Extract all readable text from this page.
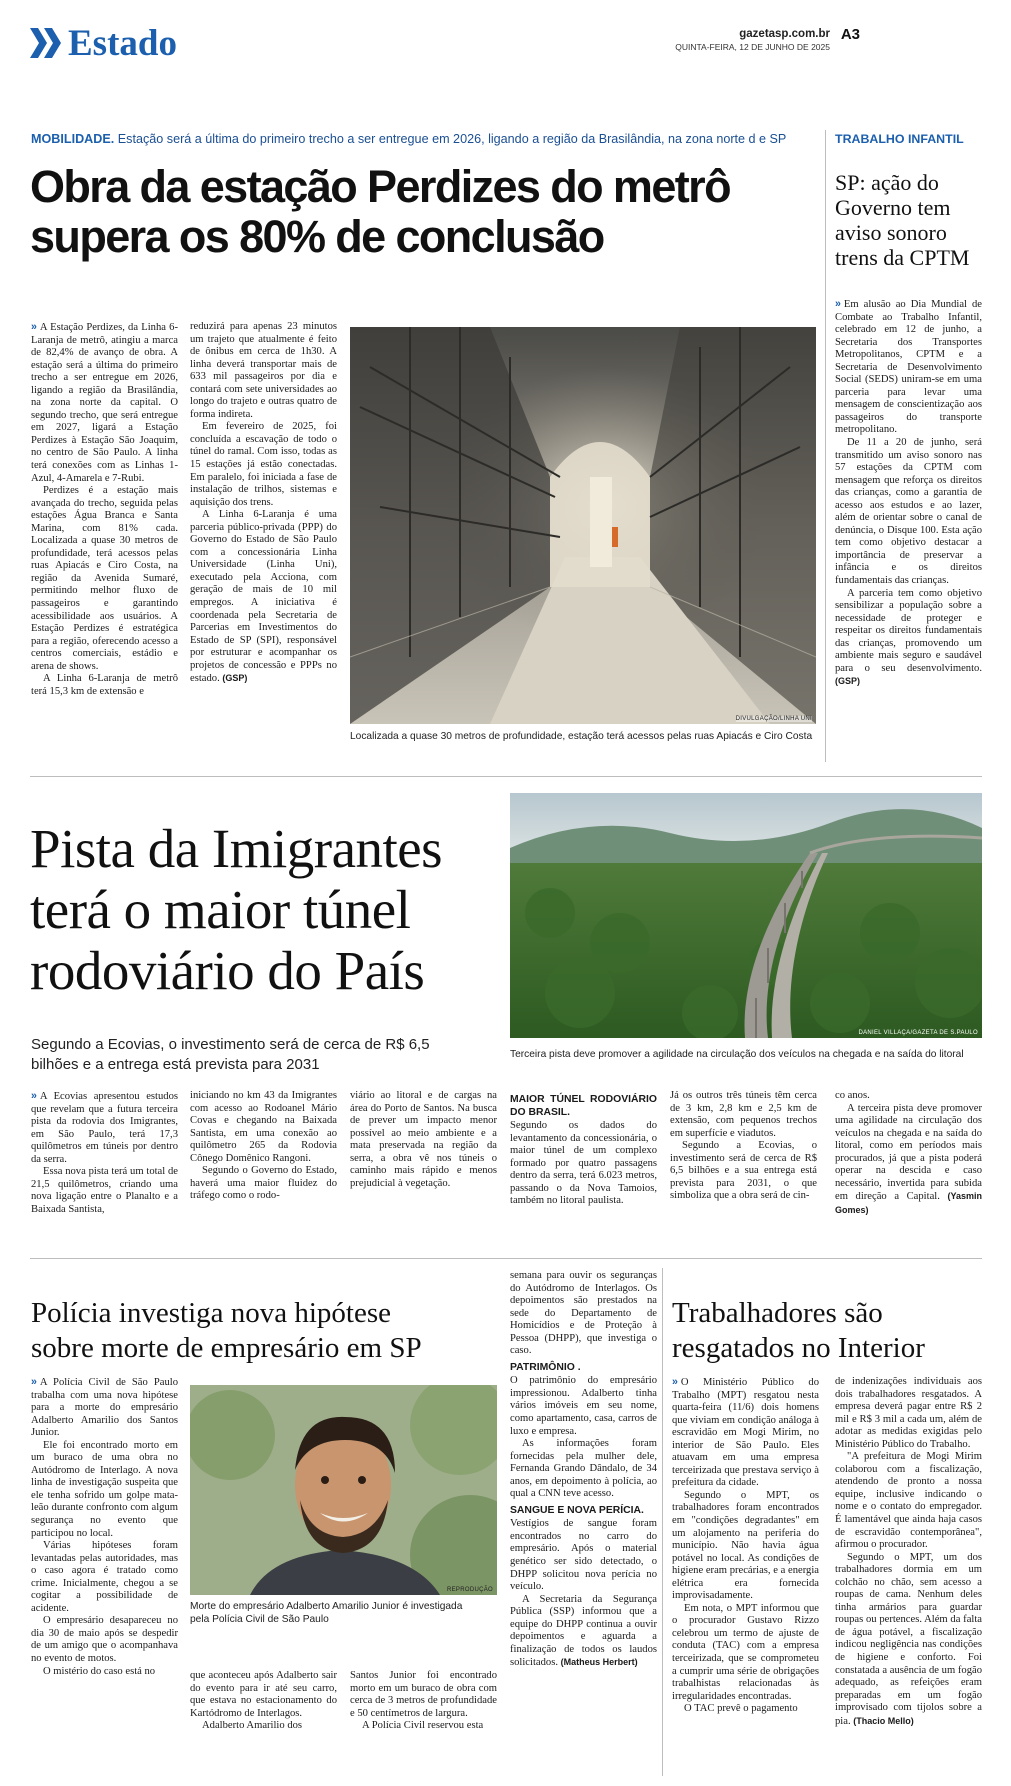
Estado	gazetasp.com.br
QUINTA-FEIRA, 12 DE JUNHO DE 2025
A3
MOBILIDADE. Estação será a última do primeiro trecho a ser entregue em 2026, ligando a região da Brasilândia, na zona norte d e SP
Obra da estação Perdizes do metrô
supera os 80% de conclusão

» A Estação Perdizes, da Linha 6-Laranja de metrô, atingiu a marca de 82,4% de avanço de obra. A estação será a última do primeiro trecho a ser entregue em 2026, ligando a região da Brasilândia, na zona norte da capital. O segundo trecho, que será entregue em 2027, ligará a Estação Perdizes à Estação São Joaquim, no centro de São Paulo. A linha terá conexões com as Linhas 1-Azul, 4-Amarela e 7-Rubi.

Perdizes é a estação mais avançada do trecho, seguida pelas estações Água Branca e Santa Marina, com 81% cada. Localizada a quase 30 metros de profundidade, terá acessos pelas ruas Apiacás e Ciro Costa, na região da Avenida Sumaré, permitindo melhor fluxo de passageiros e garantindo acessibilidade aos usuários. A Estação Perdizes é estratégica para a região, oferecendo acesso a centros comerciais, estádio e arena de shows.

A Linha 6-Laranja de metrô terá 15,3 km de extensão e

reduzirá para apenas 23 minutos um trajeto que atualmente é feito de ônibus em cerca de 1h30. A linha deverá transportar mais de 633 mil passageiros por dia e contará com sete universidades ao longo do trajeto e outras quatro de forma indireta.

Em fevereiro de 2025, foi concluída a escavação de todo o túnel do ramal. Com isso, todas as 15 estações já estão conectadas. Em paralelo, foi iniciada a fase de instalação de trilhos, sistemas e aquisição dos trens.

A Linha 6-Laranja é uma parceria público-privada (PPP) do Governo do Estado de São Paulo com a concessionária Linha Universidade (Linha Uni), executado pela Acciona, com geração de mais de 10 mil empregos. A iniciativa é coordenada pela Secretaria de Parcerias em Investimentos do Estado de SP (SPI), responsável por estruturar e acompanhar os projetos de concessão e PPPs no estado. (GSP)

DIVULGAÇÃO/LINHA UNI
Localizada a quase 30 metros de profundidade, estação terá acessos pelas ruas Apiacás e Ciro Costa
TRABALHO INFANTIL
SP: ação do Governo tem aviso sonoro trens da CPTM

» Em alusão ao Dia Mundial de Combate ao Trabalho Infantil, celebrado em 12 de junho, a Secretaria dos Transportes Metropolitanos, CPTM e a Secretaria de Desenvolvimento Social (SEDS) uniram-se em uma parceria para levar uma mensagem de conscientização aos passageiros do transporte metropolitano.

De 11 a 20 de junho, será transmitido um aviso sonoro nas 57 estações da CPTM com mensagem que reforça os direitos das crianças, como a garantia de acesso aos estudos e ao lazer, além de orientar sobre o canal de denúncia, o Disque 100. Esta ação tem como objetivo destacar a importância de preservar a infância e os direitos fundamentais das crianças.

A parceria tem como objetivo sensibilizar a população sobre a necessidade de proteger e respeitar os direitos fundamentais das crianças, promovendo um ambiente mais seguro e saudável para o seu desenvolvimento. (GSP)

Pista da Imigrantes
terá o maior túnel
rodoviário do País
Segundo a Ecovias, o investimento será de cerca de R$ 6,5
bilhões e a entrega está prevista para 2031
DANIEL VILLAÇA/GAZETA DE S.PAULO
Terceira pista deve promover a agilidade na circulação dos veículos na chegada e na saída do litoral

» A Ecovias apresentou estudos que revelam que a futura terceira pista da rodovia dos Imigrantes, em São Paulo, terá 17,3 quilômetros em túneis por dentro da serra.

Essa nova pista terá um total de 21,5 quilômetros, criando uma nova ligação entre o Planalto e a Baixada Santista,

iniciando no km 43 da Imigrantes com acesso ao Rodoanel Mário Covas e chegando na Baixada Santista, em uma conexão ao quilômetro 265 da Rodovia Cônego Domênico Rangoni.

Segundo o Governo do Estado, haverá uma maior fluidez do tráfego como o rodo-

viário ao litoral e de cargas na área do Porto de Santos. Na busca de prever um impacto menor possível ao meio ambiente e a mata preservada na região da serra, a obra vê nos túneis o caminho mais rápido e menos prejudicial à vegetação.

MAIOR TÚNEL RODOVIÁRIO DO BRASIL.

Segundo os dados do levantamento da concessionária, o maior túnel de um complexo formado por quatro passagens dentro da serra, terá 6.023 metros, passando o da Nova Tamoios, também no litoral paulista.

Já os outros três túneis têm cerca de 3 km, 2,8 km e 2,5 km de extensão, com pequenos trechos em superfície e viadutos.

Segundo a Ecovias, o investimento será de cerca de R$ 6,5 bilhões e a sua entrega está prevista para 2031, o que simboliza que a obra será de cin-

co anos.

A terceira pista deve promover uma agilidade na circulação dos veículos na chegada e na saída do litoral, como em períodos mais procurados, já que a pista poderá operar na descida e caso necessário, invertida para subida em direção a Capital. (Yasmin Gomes)

Polícia investiga nova hipótese
sobre morte de empresário em SP

» A Polícia Civil de São Paulo trabalha com uma nova hipótese para a morte do empresário Adalberto Amarilio dos Santos Junior.

Ele foi encontrado morto em um buraco de uma obra no Autódromo de Interlago. A nova linha de investigação suspeita que ele tenha sofrido um golpe mata-leão durante confronto com algum segurança no evento que participou no local.

Várias hipóteses foram levantadas pelas autoridades, mas o caso agora é tratado como crime. Inicialmente, chegou a se cogitar a possibilidade de acidente.

O empresário desapareceu no dia 30 de maio após se despedir de um amigo que o acompanhava no evento de motos.

O mistério do caso está no

REPRODUÇÃO
Morte do empresário Adalberto Amarilio Junior é investigada
pela Polícia Civil de São Paulo

que aconteceu após Adalberto sair do evento para ir até seu carro, que estava no estacionamento do Kartódromo de Interlagos.

Adalberto Amarilio dos

Santos Junior foi encontrado morto em um buraco de obra com cerca de 3 metros de profundidade e 50 centímetros de largura.

A Polícia Civil reservou esta

semana para ouvir os seguranças do Autódromo de Interlagos. Os depoimentos são prestados na sede do Departamento de Homicídios e de Proteção à Pessoa (DHPP), que investiga o caso.

PATRIMÔNIO .

O patrimônio do empresário impressionou. Adalberto tinha vários imóveis em seu nome, como apartamento, casa, carros de luxo e empresa.

As informações foram fornecidas pela mulher dele, Fernanda Grando Dândalo, de 34 anos, em depoimento à polícia, ao qual a CNN teve acesso.

SANGUE E NOVA PERÍCIA.

Vestígios de sangue foram encontrados no carro do empresário. Após o material genético ser sido detectado, o DHPP solicitou nova perícia no veículo.

A Secretaria da Segurança Pública (SSP) informou que a equipe do DHPP continua a ouvir depoimentos e aguarda a finalização de todos os laudos solicitados. (Matheus Herbert)

Trabalhadores são
resgatados no Interior

» O Ministério Público do Trabalho (MPT) resgatou nesta quarta-feira (11/6) dois homens que viviam em condição análoga à escravidão em Mogi Mirim, no interior de São Paulo. Eles atuavam em uma empresa terceirizada que prestava serviço à prefeitura da cidade.

Segundo o MPT, os trabalhadores foram encontrados em "condições degradantes" em um alojamento na periferia do município. Não havia água potável no local. As condições de higiene eram precárias, e a energia elétrica era fornecida improvisadamente.

Em nota, o MPT informou que o procurador Gustavo Rizzo celebrou um termo de ajuste de conduta (TAC) com a empresa terceirizada, que se comprometeu a cumprir uma série de obrigações trabalhistas relacionadas às irregularidades encontradas.

O TAC prevê o pagamento

de indenizações individuais aos dois trabalhadores resgatados. A empresa deverá pagar entre R$ 2 mil e R$ 3 mil a cada um, além de adotar as medidas exigidas pelo Ministério Público do Trabalho.

"A prefeitura de Mogi Mirim colaborou com a fiscalização, atendendo de pronto a nossa equipe, inclusive indicando o nome e o contato do empregador. É lamentável que ainda haja casos de escravidão contemporânea", afirmou o procurador.

Segundo o MPT, um dos trabalhadores dormia em um colchão no chão, sem acesso a roupas de cama. Nenhum deles tinha armários para guardar roupas ou pertences. Além da falta de água potável, a fiscalização indicou negligência nas condições de higiene e conforto. Foi constatada a ausência de um fogão adequado, as refeições eram preparadas em um fogão improvisado com tijolos sobre a pia. (Thacio Mello)
